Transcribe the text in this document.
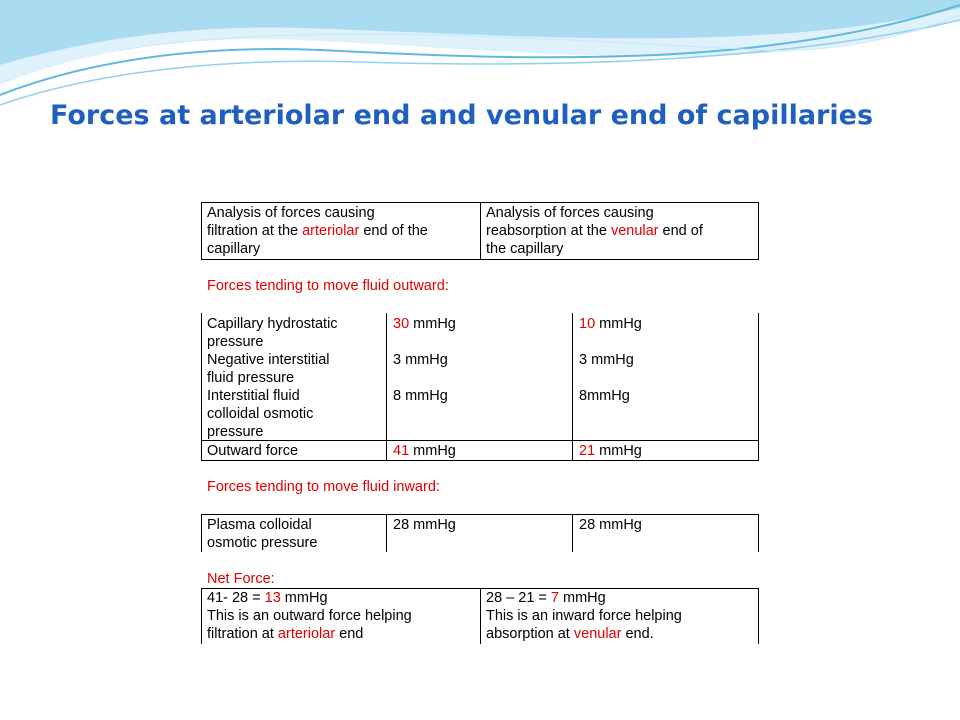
Forces at arteriolar end and venular end of capillaries
Analysis of forces causing
filtration at the arteriolar end of the
capillary
Analysis of forces causing
reabsorption at the venular end of
the capillary
Forces tending to move fluid outward:
Capillary hydrostatic
pressure
30 mmHg	10 mmHg
Negative interstitial
fluid pressure
3 mmHg	3 mmHg
Interstitial fluid
colloidal osmotic
pressure
8 mmHg	8mmHg
Outward force	41 mmHg	21 mmHg
Forces tending to move fluid inward:
Plasma colloidal
osmotic pressure
28 mmHg	28 mmHg
Net Force:
41- 28 = 13 mmHg
This is an outward force helping
filtration at arteriolar end
28 – 21 = 7 mmHg
This is an inward force helping
absorption at venular end.
